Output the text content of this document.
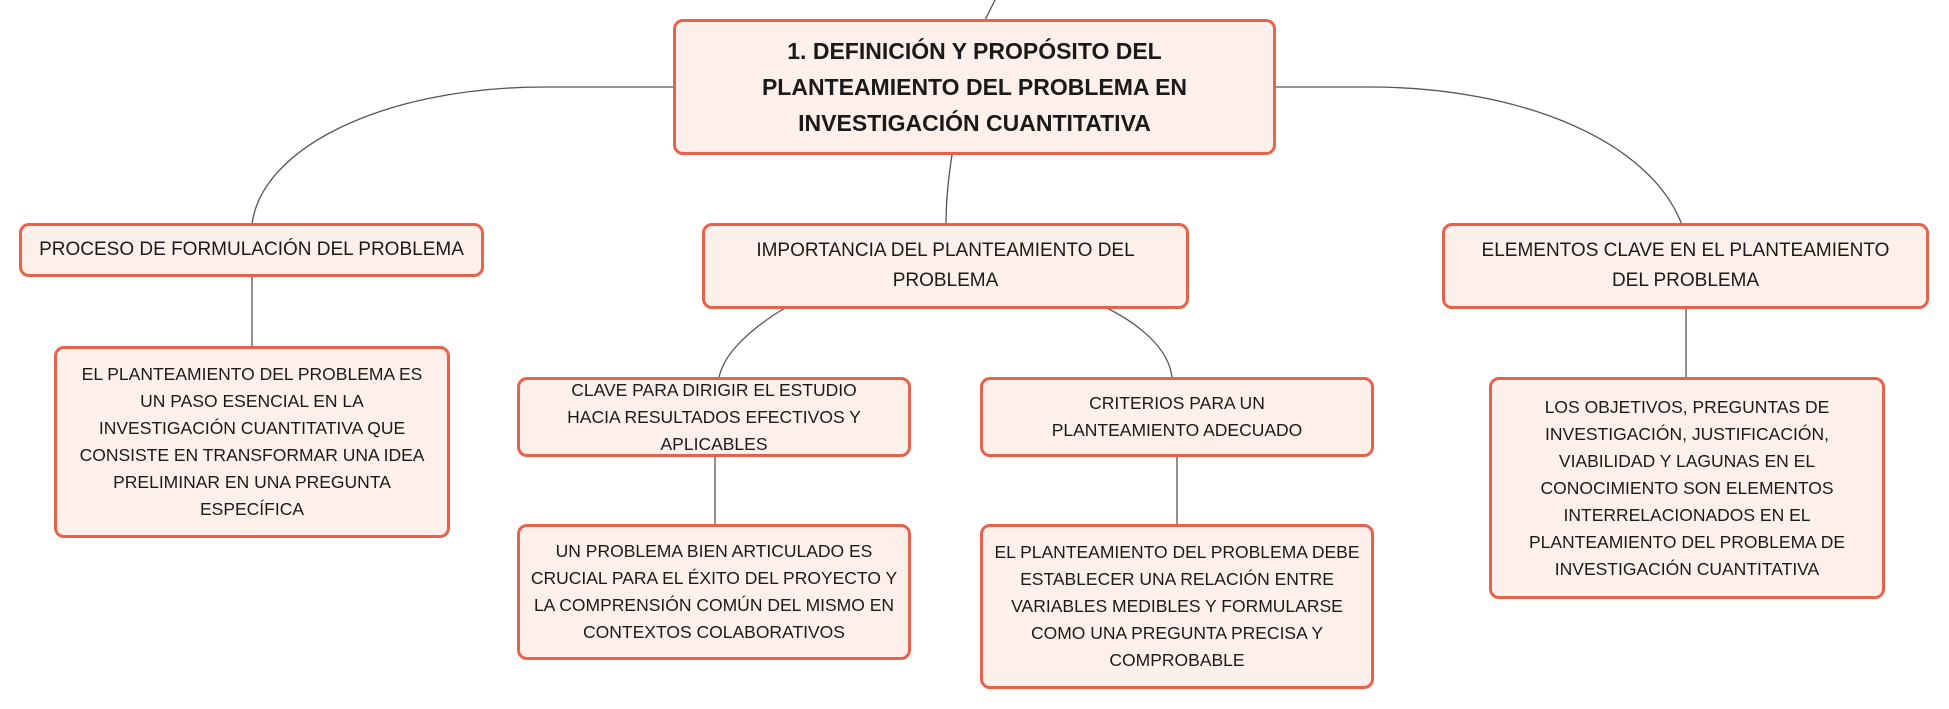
1. DEFINICIÓN Y PROPÓSITO DEL PLANTEAMIENTO DEL PROBLEMA EN INVESTIGACIÓN CUANTITATIVA
PROCESO DE FORMULACIÓN DEL PROBLEMA
EL PLANTEAMIENTO DEL PROBLEMA ES UN PASO ESENCIAL EN LA INVESTIGACIÓN CUANTITATIVA QUE CONSISTE EN TRANSFORMAR UNA IDEA PRELIMINAR EN UNA PREGUNTA ESPECÍFICA
IMPORTANCIA DEL PLANTEAMIENTO DEL PROBLEMA
CLAVE PARA DIRIGIR EL ESTUDIO HACIA RESULTADOS EFECTIVOS Y APLICABLES
UN PROBLEMA BIEN ARTICULADO ES CRUCIAL PARA EL ÉXITO DEL PROYECTO Y LA COMPRENSIÓN COMÚN DEL MISMO EN CONTEXTOS COLABORATIVOS
CRITERIOS PARA UN PLANTEAMIENTO ADECUADO
EL PLANTEAMIENTO DEL PROBLEMA DEBE ESTABLECER UNA RELACIÓN ENTRE VARIABLES MEDIBLES Y FORMULARSE COMO UNA PREGUNTA PRECISA Y COMPROBABLE
ELEMENTOS CLAVE EN EL PLANTEAMIENTO DEL PROBLEMA
LOS OBJETIVOS, PREGUNTAS DE INVESTIGACIÓN, JUSTIFICACIÓN, VIABILIDAD Y LAGUNAS EN EL CONOCIMIENTO SON ELEMENTOS INTERRELACIONADOS EN EL PLANTEAMIENTO DEL PROBLEMA DE INVESTIGACIÓN CUANTITATIVA
